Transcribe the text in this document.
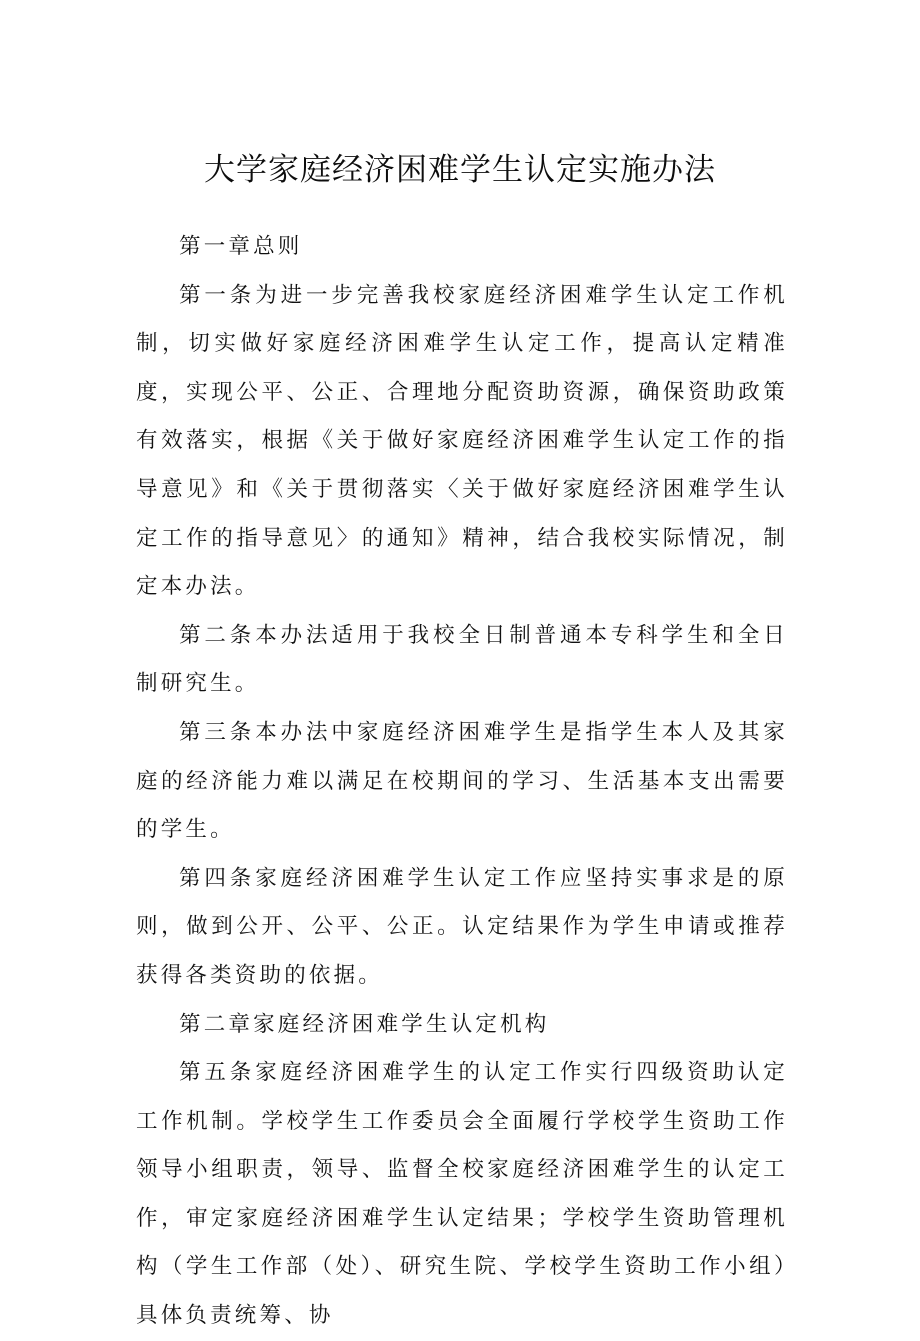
大学家庭经济困难学生认定实施办法

第一章总则

第一条为进一步完善我校家庭经济困难学生认定工作机制，切实做好家庭经济困难学生认定工作，提高认定精准度，实现公平、公正、合理地分配资助资源，确保资助政策有效落实，根据《关于做好家庭经济困难学生认定工作的指导意见》和《关于贯彻落实〈关于做好家庭经济困难学生认定工作的指导意见〉的通知》精神，结合我校实际情况，制定本办法。

第二条本办法适用于我校全日制普通本专科学生和全日制研究生。

第三条本办法中家庭经济困难学生是指学生本人及其家庭的经济能力难以满足在校期间的学习、生活基本支出需要的学生。

第四条家庭经济困难学生认定工作应坚持实事求是的原则，做到公开、公平、公正。认定结果作为学生申请或推荐获得各类资助的依据。

第二章家庭经济困难学生认定机构

第五条家庭经济困难学生的认定工作实行四级资助认定工作机制。学校学生工作委员会全面履行学校学生资助工作领导小组职责，领导、监督全校家庭经济困难学生的认定工作，审定家庭经济困难学生认定结果；学校学生资助管理机构（学生工作部（处）、研究生院、学校学生资助工作小组）具体负责统筹、协
